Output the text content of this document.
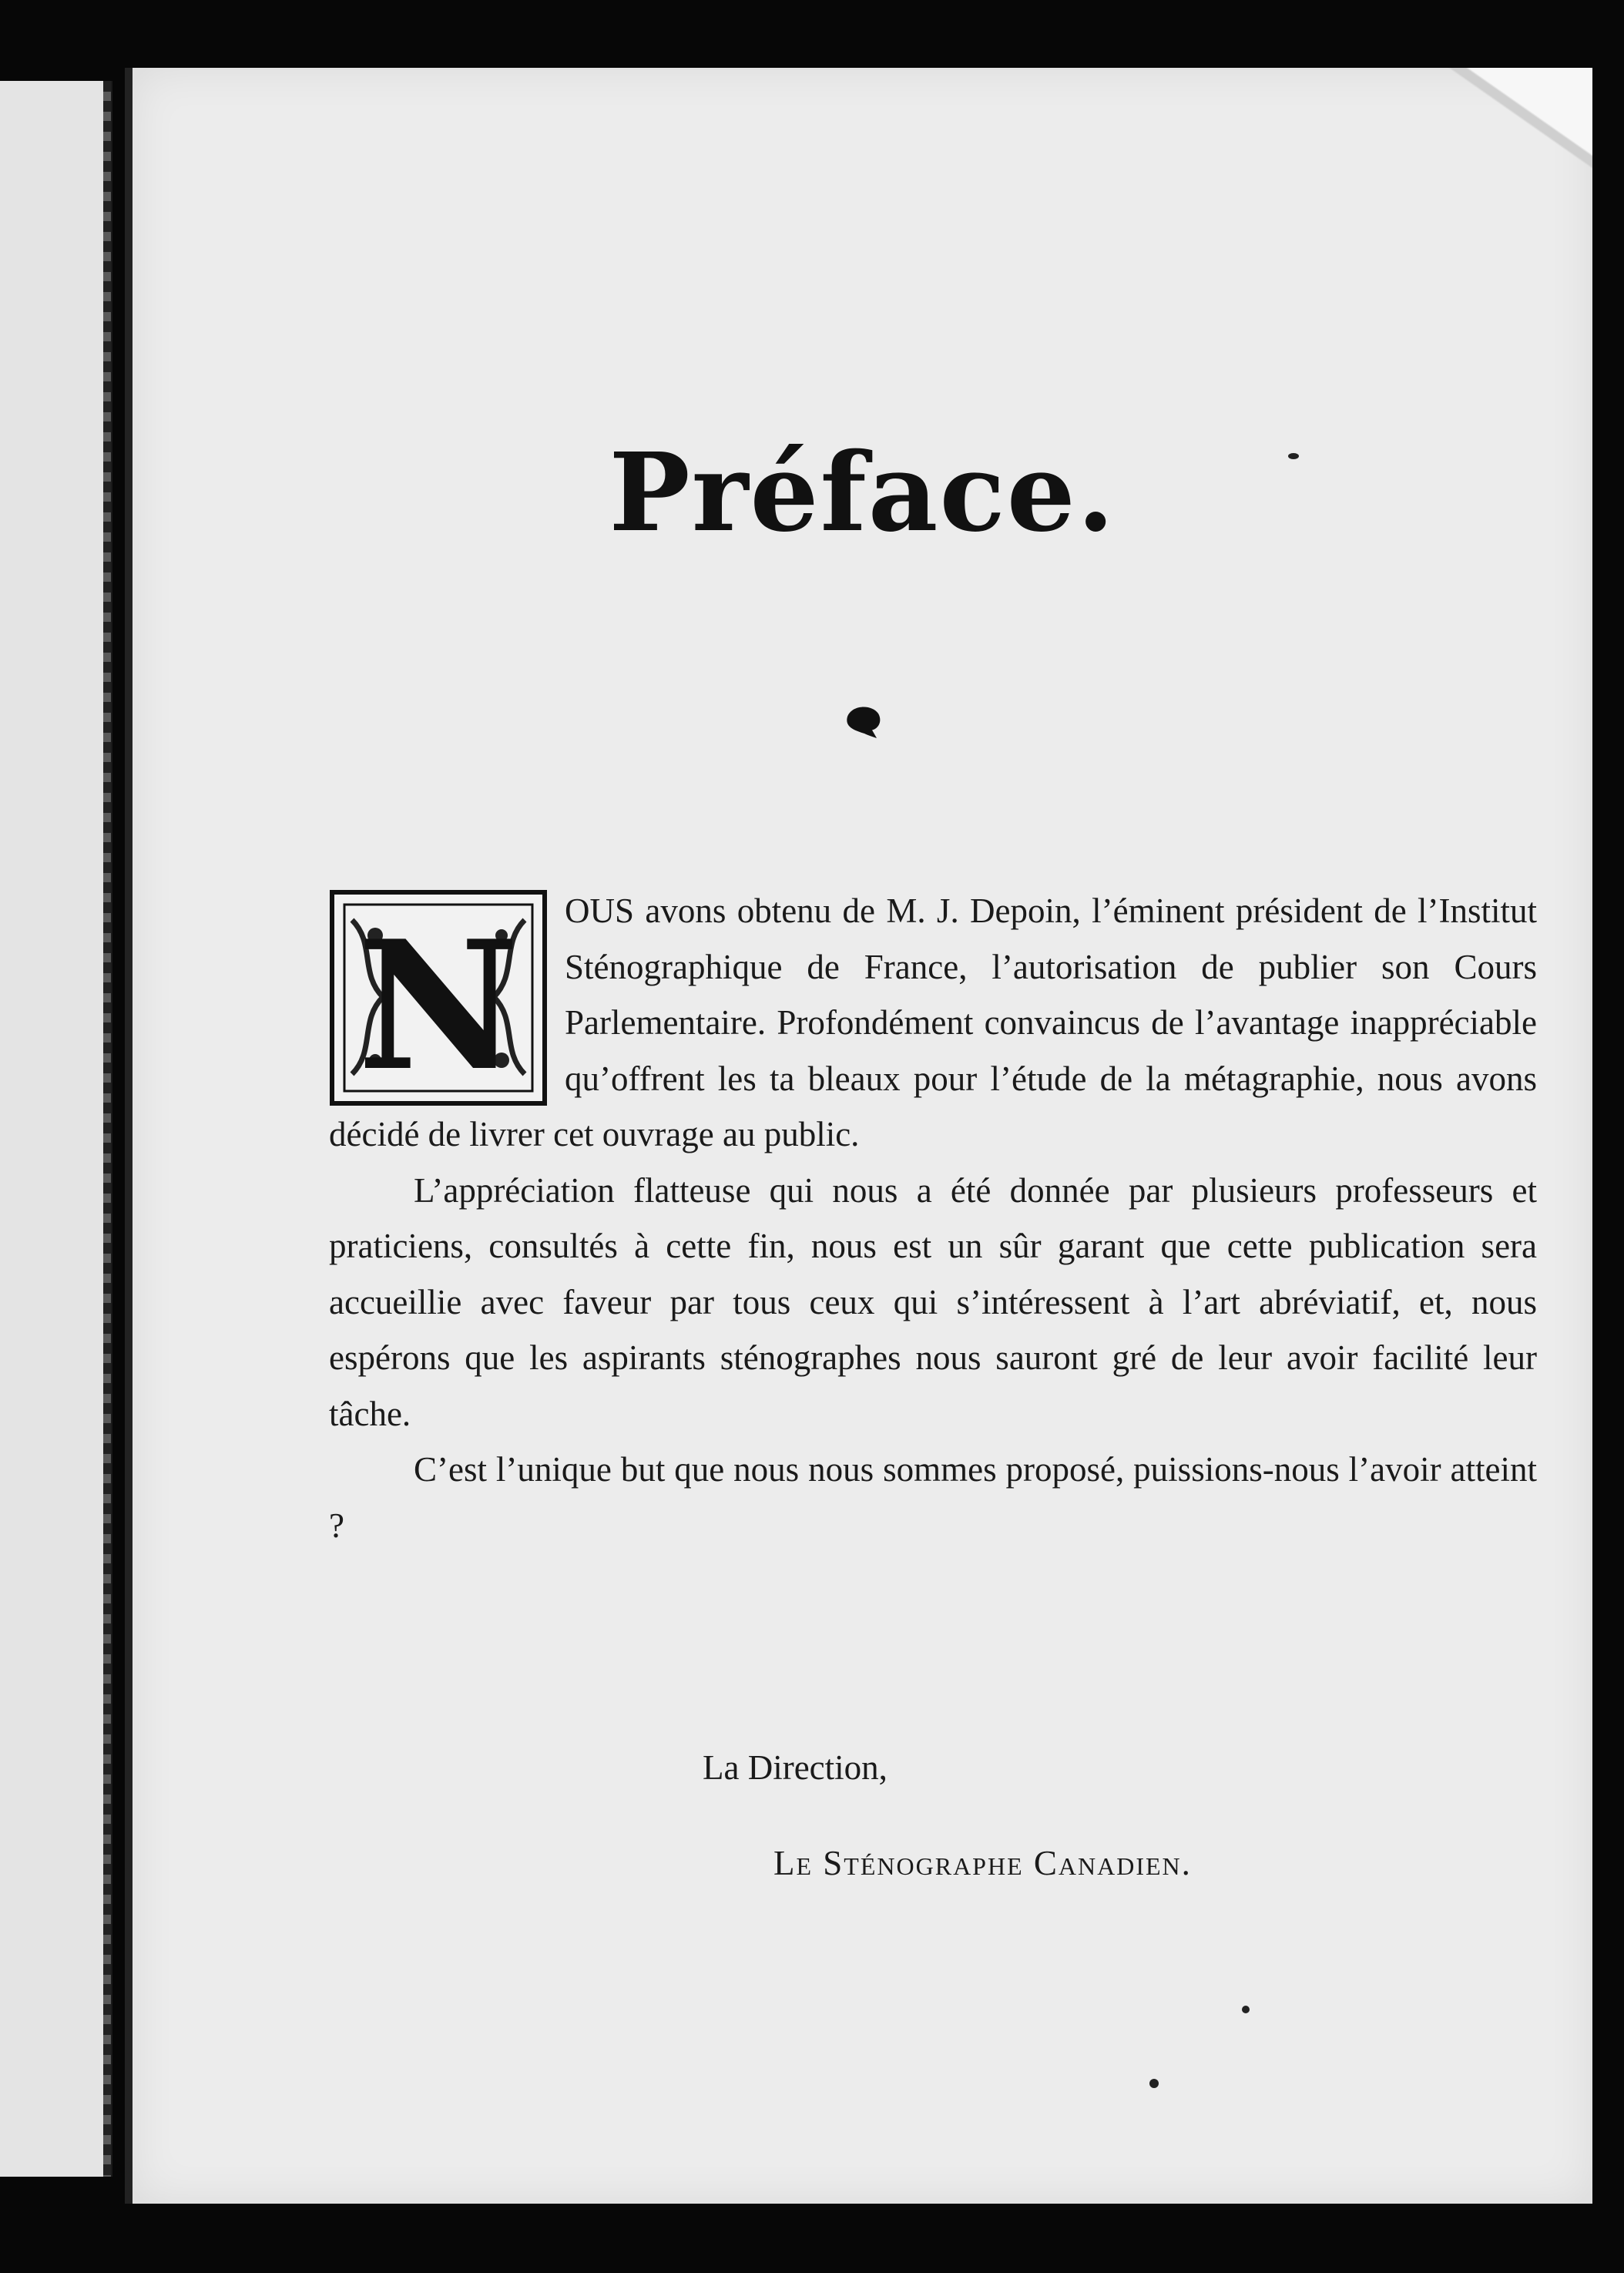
Préface.
N	OUS avons obtenu de M. J. Depoin, l’éminent président de l’Institut Sténographique de France, l’autorisation de publier son Cours Parlementaire. Profondément convaincus de l’avantage inappréciable qu’offrent les ta bleaux pour l’étude de la métagraphie, nous avons décidé de livrer cet ouvrage au public.

L’appréciation flatteuse qui nous a été donnée par plusieurs professeurs et praticiens, consultés à cette fin, nous est un sûr garant que cette publication sera accueillie avec faveur par tous ceux qui s’intéressent à l’art abréviatif, et, nous espérons que les aspirants sténographes nous sauront gré de leur avoir facilité leur tâche.

C’est l’unique but que nous nous sommes proposé, puissions-nous l’avoir atteint ?

La Direction,
Le Sténographe Canadien.
